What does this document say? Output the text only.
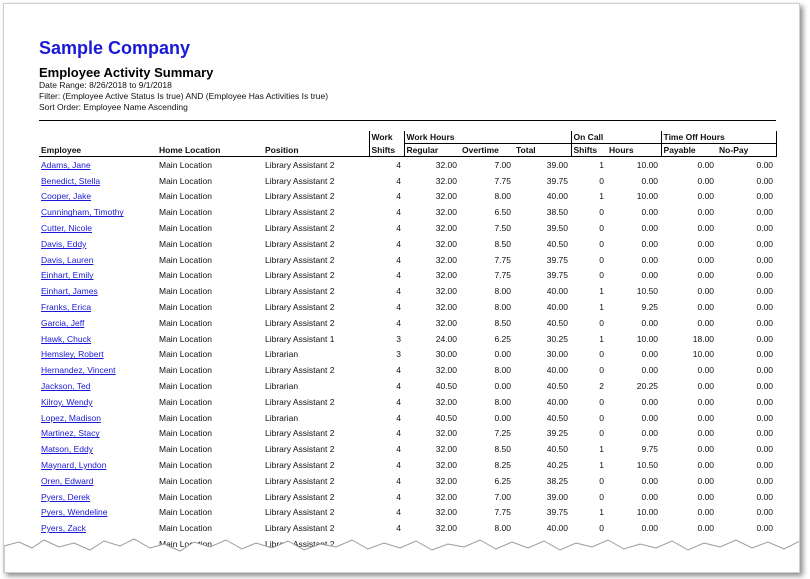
Sample Company
Employee Activity Summary
Date Range: 8/26/2018 to 9/1/2018
Filter: (Employee Active Status Is true) AND (Employee Has Activities Is true)
Sort Order: Employee Name Ascending
			Work	Work Hours			On Call		Time Off Hours	
Employee	Home Location	Position	Shifts	Regular	Overtime	Total	Shifts	Hours	Payable	No-Pay
Adams, Jane	Main Location	Library Assistant 2	4	32.00	7.00	39.00	1	10.00	0.00	0.00
Benedict, Stella	Main Location	Library Assistant 2	4	32.00	7.75	39.75	0	0.00	0.00	0.00
Cooper, Jake	Main Location	Library Assistant 2	4	32.00	8.00	40.00	1	10.00	0.00	0.00
Cunningham, Timothy	Main Location	Library Assistant 2	4	32.00	6.50	38.50	0	0.00	0.00	0.00
Cutter, Nicole	Main Location	Library Assistant 2	4	32.00	7.50	39.50	0	0.00	0.00	0.00
Davis, Eddy	Main Location	Library Assistant 2	4	32.00	8.50	40.50	0	0.00	0.00	0.00
Davis, Lauren	Main Location	Library Assistant 2	4	32.00	7.75	39.75	0	0.00	0.00	0.00
Einhart, Emily	Main Location	Library Assistant 2	4	32.00	7.75	39.75	0	0.00	0.00	0.00
Einhart, James	Main Location	Library Assistant 2	4	32.00	8.00	40.00	1	10.50	0.00	0.00
Franks, Erica	Main Location	Library Assistant 2	4	32.00	8.00	40.00	1	9.25	0.00	0.00
Garcia, Jeff	Main Location	Library Assistant 2	4	32.00	8.50	40.50	0	0.00	0.00	0.00
Hawk, Chuck	Main Location	Library Assistant 1	3	24.00	6.25	30.25	1	10.00	18.00	0.00
Hemsley, Robert	Main Location	Librarian	3	30.00	0.00	30.00	0	0.00	10.00	0.00
Hernandez, Vincent	Main Location	Library Assistant 2	4	32.00	8.00	40.00	0	0.00	0.00	0.00
Jackson, Ted	Main Location	Librarian	4	40.50	0.00	40.50	2	20.25	0.00	0.00
Kilroy, Wendy	Main Location	Library Assistant 2	4	32.00	8.00	40.00	0	0.00	0.00	0.00
Lopez, Madison	Main Location	Librarian	4	40.50	0.00	40.50	0	0.00	0.00	0.00
Martinez, Stacy	Main Location	Library Assistant 2	4	32.00	7.25	39.25	0	0.00	0.00	0.00
Matson, Eddy	Main Location	Library Assistant 2	4	32.00	8.50	40.50	1	9.75	0.00	0.00
Maynard, Lyndon	Main Location	Library Assistant 2	4	32.00	8.25	40.25	1	10.50	0.00	0.00
Oren, Edward	Main Location	Library Assistant 2	4	32.00	6.25	38.25	0	0.00	0.00	0.00
Pyers, Derek	Main Location	Library Assistant 2	4	32.00	7.00	39.00	0	0.00	0.00	0.00
Pyers, Wendeline	Main Location	Library Assistant 2	4	32.00	7.75	39.75	1	10.00	0.00	0.00
Pyers, Zack	Main Location	Library Assistant 2	4	32.00	8.00	40.00	0	0.00	0.00	0.00
	Main Location	Library Assistant 2								
